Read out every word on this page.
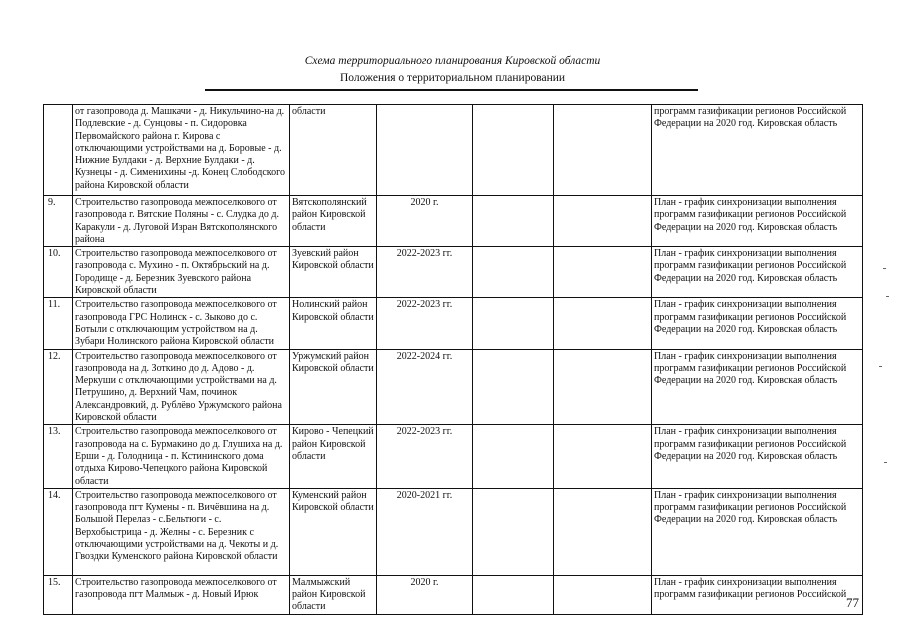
Схема территориального планирования Кировской области
Положения о территориальном планировании
	от газопровода д. Машкачи - д. Никульчино-на д. Подлевские - д. Сунцовы - п. Сидоровка Первомайского района г. Кирова с отключающими устройствами на д. Боровые - д. Нижние Булдаки - д. Верхние Булдаки - д. Кузнецы - д. Сименихины -д. Конец Слободского района Кировской области	области				программ газификации регионов Российской Федерации на 2020 год. Кировская область
9.	Строительство газопровода межпоселкового от газопровода г. Вятские Поляны - с. Слудка до д. Каракули - д. Луговой Изран Вятскополянского района	Вятскополянский район Кировской области	2020 г.			План - график синхронизации выполнения программ газификации регионов Российской Федерации на 2020 год. Кировская область
10.	Строительство газопровода межпоселкового от газопровода с. Мухино - п. Октябрьский на д. Городище - д. Березник Зуевского района Кировской области	Зуевский район Кировской области	2022-2023 гг.			План - график синхронизации выполнения программ газификации регионов Российской Федерации на 2020 год. Кировская область
11.	Строительство газопровода межпоселкового от газопровода ГРС Нолинск - с. Зыково до с. Ботыли с отключающим устройством на д. Зубари Нолинского района Кировской области	Нолинский район Кировской области	2022-2023 гг.			План - график синхронизации выполнения программ газификации регионов Российской Федерации на 2020 год. Кировская область
12.	Строительство газопровода межпоселкового от газопровода на д. Зоткино до д. Адово - д. Меркуши с отключающими устройствами на д. Петрушино, д. Верхний Чам, починок Александровкий, д. Рублёво Уржумского района Кировской области	Уржумский район Кировской области	2022-2024 гг.			План - график синхронизации выполнения программ газификации регионов Российской Федерации на 2020 год. Кировская область
13.	Строительство газопровода межпоселкового от газопровода на с. Бурмакино до д. Глушиха на д. Ерши - д. Голодница - п. Кстининского дома отдыха Кирово-Чепецкого района Кировской области	Кирово - Чепецкий район Кировской области	2022-2023 гг.			План - график синхронизации выполнения программ газификации регионов Российской Федерации на 2020 год. Кировская область
14.	Строительство газопровода межпоселкового от газопровода пгт Кумены - п. Вичёвшина на д. Большой Перелаз - с.Бельтюги - с. Верхобыстрица - д. Желны - с. Березник с отключающими устройствами на д. Чекоты и д. Гвоздки Куменского района Кировской области	Куменский район Кировской области	2020-2021 гг.			План - график синхронизации выполнения программ газификации регионов Российской Федерации на 2020 год. Кировская область
15.	Строительство газопровода межпоселкового от газопровода пгт Малмыж - д. Новый Ирюк	Малмыжский район Кировской области	2020 г.			План - график синхронизации выполнения программ газификации регионов Российской
77
